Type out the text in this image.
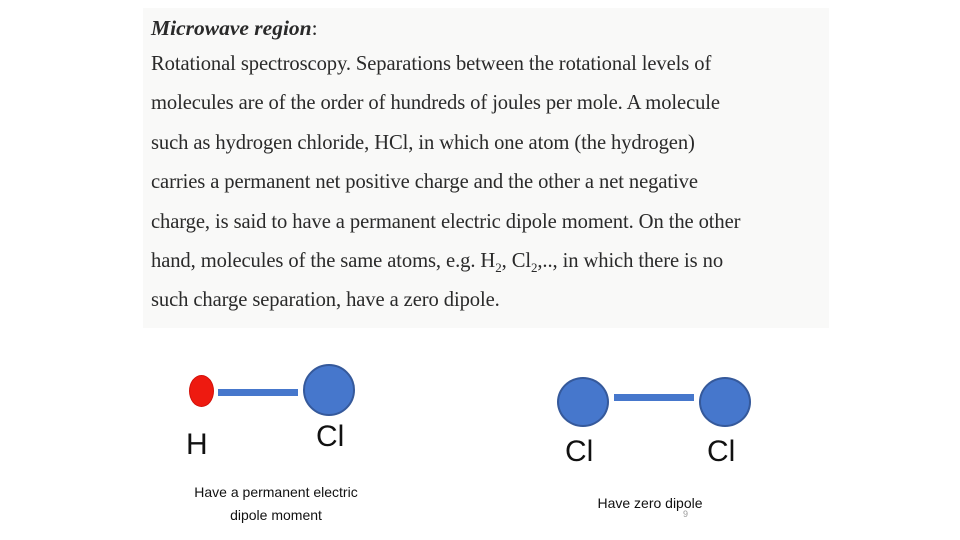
Microwave region:
Rotational spectroscopy. Separations between the rotational levels of
molecules are of the order of hundreds of joules per mole. A molecule
such as hydrogen chloride, HCl, in which one atom (the hydrogen)
carries a permanent net positive charge and the other a net negative
charge, is said to have a permanent electric dipole moment. On the other
hand, molecules of the same atoms, e.g. $H_2$, $Cl_2$,.., in which there is no
such charge separation, have a zero dipole.
H	Cl
Have a permanent electric
dipole moment
Cl	Cl
Have zero dipole
9
